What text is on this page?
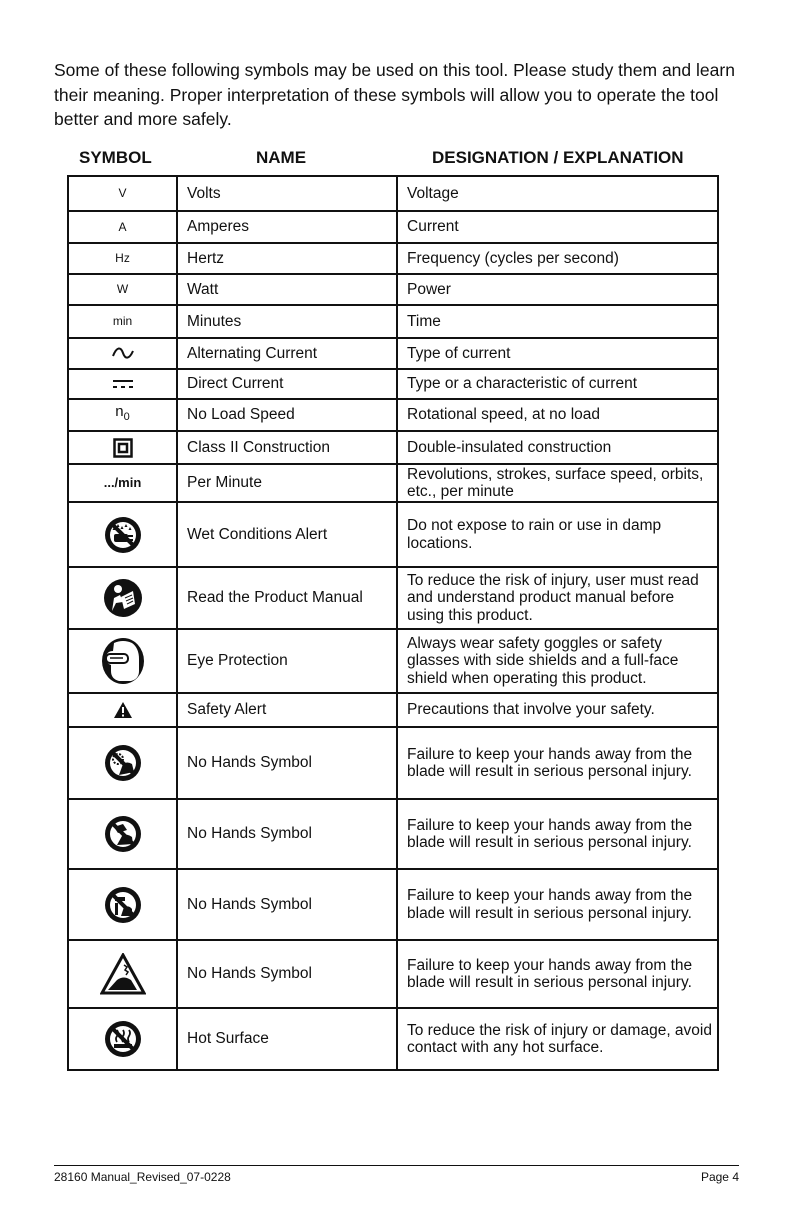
Some of these following symbols may be used on this tool. Please study them and learn their meaning. Proper interpretation of these symbols will allow you to operate the tool better and more safely.

SYMBOL	NAME	DESIGNATION / EXPLANATION
V	Volts	Voltage
A	Amperes	Current
Hz	Hertz	Frequency (cycles per second)
W	Watt	Power
min	Minutes	Time

	Alternating Current	Type of current

	Direct Current	Type or a characteristic of current
$n_0$	No Load Speed	Rotational speed, at no load

	Class II Construction	Double-insulated construction
.../min	Per Minute	Revolutions, strokes, surface speed, orbits, etc., per minute

	Wet Conditions Alert	Do not expose to rain or use in damp locations.

	Read the Product Manual	To reduce the risk of injury, user must read and understand product manual before using this product.

	Eye Protection	Always wear safety goggles or safety glasses with side shields and a full-face shield when operating this product.

	Safety Alert	Precautions that involve your safety.

	No Hands Symbol	Failure to keep your hands away from the blade will result in serious personal injury.

	No Hands Symbol	Failure to keep your hands away from the blade will result in serious personal injury.

	No Hands Symbol	Failure to keep your hands away from the blade will result in serious personal injury.

	No Hands Symbol	Failure to keep your hands away from the blade will result in serious personal injury.

	Hot Surface	To reduce the risk of injury or damage, avoid contact with any hot surface.
28160 Manual_Revised_07-0228	Page 4
